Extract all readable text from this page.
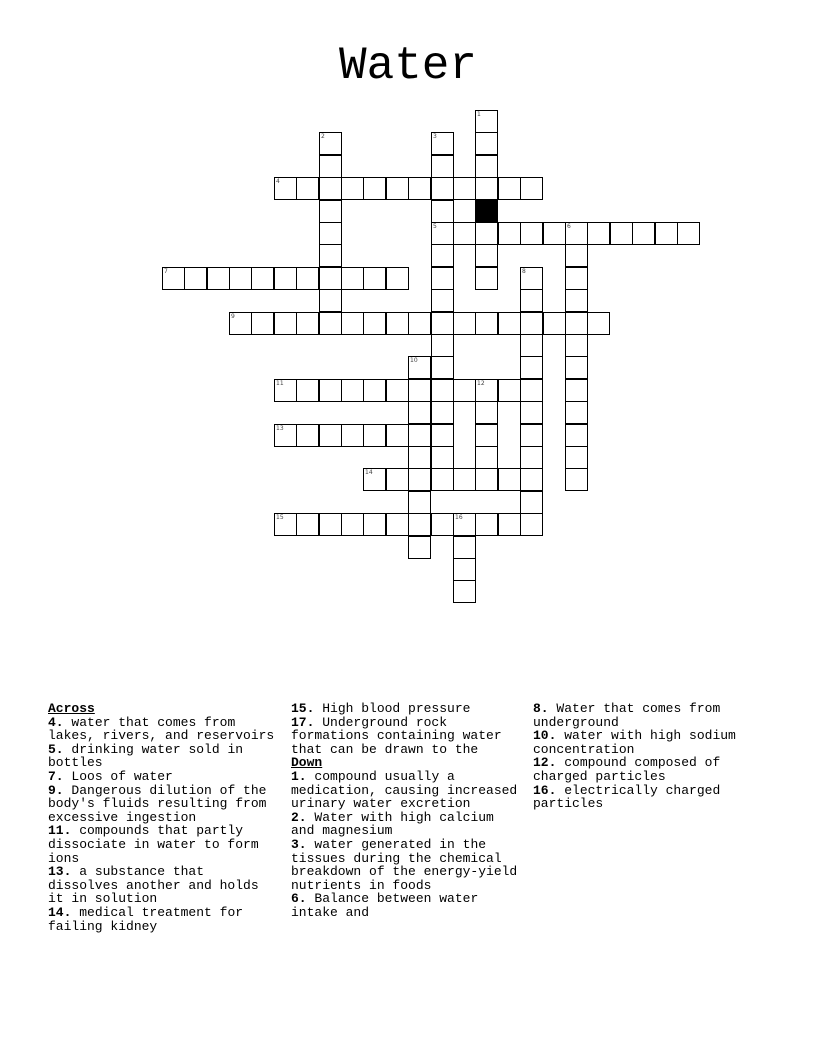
Water
1
2	3
5
4
6
7	8
9
10
11	12
13
14
15	16

Across

4. water that comes from lakes, rivers, and reservoirs

5. drinking water sold in bottles

7. Loos of water

9. Dangerous dilution of the body's fluids resulting from excessive ingestion

11. compounds that partly dissociate in water to form ions

13. a substance that dissolves another and holds it in solution

14. medical treatment for failing kidney

15. High blood pressure

17. Underground rock formations containing water that can be drawn to the

Down

1. compound usually a medication, causing increased urinary water excretion

2. Water with high calcium and magnesium

3. water generated in the tissues during the chemical breakdown of the energy-yield nutrients in foods

6. Balance between water intake and

8. Water that comes from underground

10. water with high sodium concentration

12. compound composed of charged particles

16. electrically charged particles
